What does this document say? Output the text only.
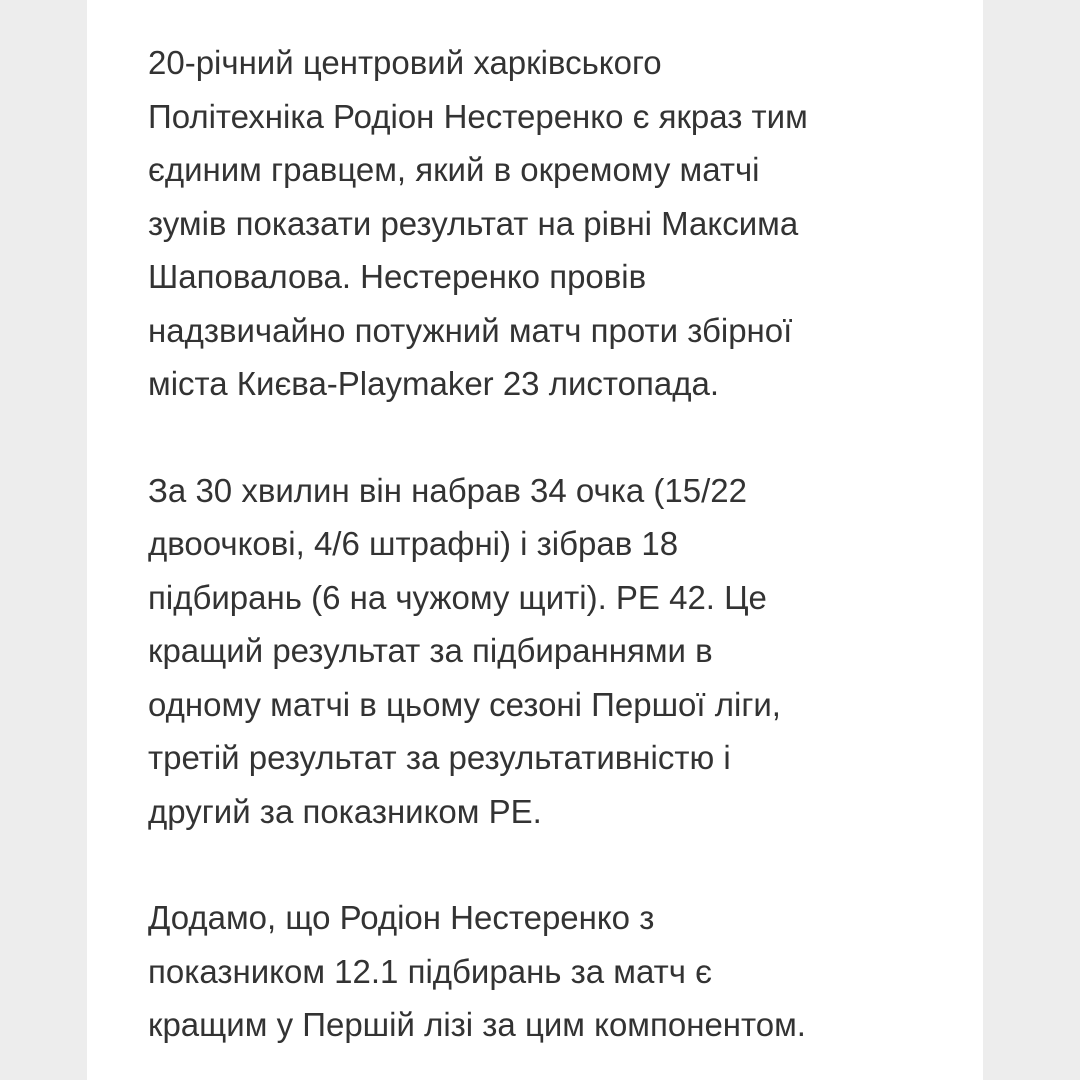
20-річний центровий харківського
Політехніка Родіон Нестеренко є якраз тим
єдиним гравцем, який в окремому матчі
зумів показати результат на рівні Максима
Шаповалова. Нестеренко провів
надзвичайно потужний матч проти збірної
міста Києва-Playmaker 23 листопада.

За 30 хвилин він набрав 34 очка (15/22
двоочкові, 4/6 штрафні) і зібрав 18
підбирань (6 на чужому щиті). PE 42. Це
кращий результат за підбираннями в
одному матчі в цьому сезоні Першої ліги,
третій результат за результативністю і
другий за показником PE.

Додамо, що Родіон Нестеренко з
показником 12.1 підбирань за матч є
кращим у Першій лізі за цим компонентом.
